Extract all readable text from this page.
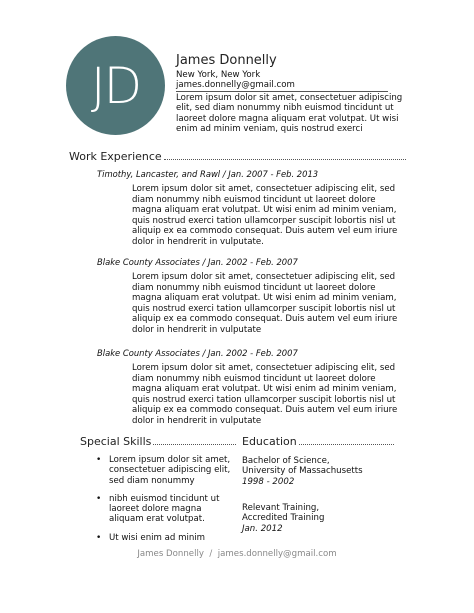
JD	James Donnelly
New York, New York
james.donnelly@gmail.com
Lorem ipsum dolor sit amet, consectetuer adipiscing elit, sed diam nonummy nibh euismod tincidunt ut laoreet dolore magna aliquam erat volutpat. Ut wisi enim ad minim veniam, quis nostrud exerci
Work Experience
Timothy, Lancaster, and Rawl / Jan. 2007 - Feb. 2013
Lorem ipsum dolor sit amet, consectetuer adipiscing elit, sed diam nonummy nibh euismod tincidunt ut laoreet dolore magna aliquam erat volutpat. Ut wisi enim ad minim veniam, quis nostrud exerci tation ullamcorper suscipit lobortis nisl ut aliquip ex ea commodo consequat. Duis autem vel eum iriure dolor in hendrerit in vulputate.
Blake County Associates / Jan. 2002 - Feb. 2007
Lorem ipsum dolor sit amet, consectetuer adipiscing elit, sed diam nonummy nibh euismod tincidunt ut laoreet dolore magna aliquam erat volutpat. Ut wisi enim ad minim veniam, quis nostrud exerci tation ullamcorper suscipit lobortis nisl ut aliquip ex ea commodo consequat. Duis autem vel eum iriure dolor in hendrerit in vulputate
Blake County Associates / Jan. 2002 - Feb. 2007
Lorem ipsum dolor sit amet, consectetuer adipiscing elit, sed diam nonummy nibh euismod tincidunt ut laoreet dolore magna aliquam erat volutpat. Ut wisi enim ad minim veniam, quis nostrud exerci tation ullamcorper suscipit lobortis nisl ut aliquip ex ea commodo consequat. Duis autem vel eum iriure dolor in hendrerit in vulputate
Special Skills
• Lorem ipsum dolor sit amet, consectetuer adipiscing elit, sed diam nonummy
• nibh euismod tincidunt ut laoreet dolore magna aliquam erat volutpat.
• Ut wisi enim ad minim
Education
Bachelor of Science,
University of Massachusetts
1998 - 2002
Relevant Training,
Accredited Training
Jan. 2012
James Donnelly  /  james.donnelly@gmail.com
